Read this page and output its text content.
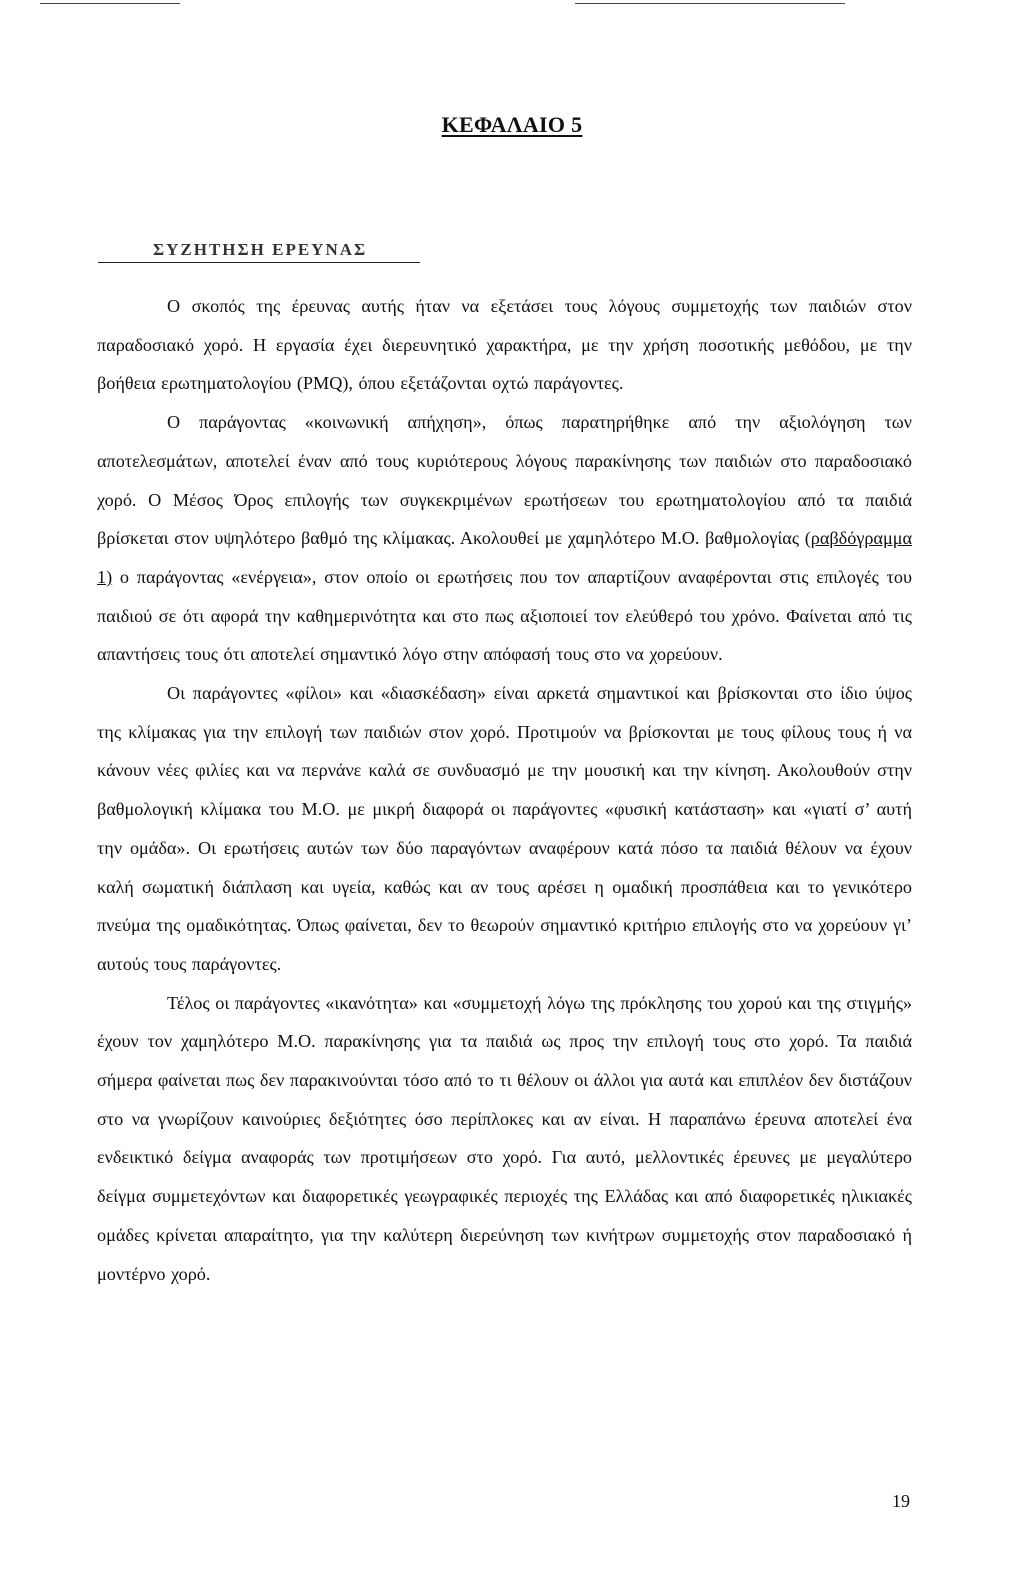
ΚΕΦΑΛΑΙΟ 5
ΣΥΖΗΤΗΣΗ ΕΡΕΥΝΑΣ

Ο σκοπός της έρευνας αυτής ήταν να εξετάσει τους λόγους συμμετοχής των παιδιών στον παραδοσιακό χορό. Η εργασία έχει διερευνητικό χαρακτήρα, με την χρήση ποσοτικής μεθόδου, με την βοήθεια ερωτηματολογίου (PMQ), όπου εξετάζονται οχτώ παράγοντες.

Ο παράγοντας «κοινωνική απήχηση», όπως παρατηρήθηκε από την αξιολόγηση των αποτελεσμάτων, αποτελεί έναν από τους κυριότερους λόγους παρακίνησης των παιδιών στο παραδοσιακό χορό. Ο Μέσος Όρος επιλογής των συγκεκριμένων ερωτήσεων του ερωτηματολογίου από τα παιδιά βρίσκεται στον υψηλότερο βαθμό της κλίμακας. Ακολουθεί με χαμηλότερο Μ.Ο. βαθμολογίας (ραβδόγραμμα 1) ο παράγοντας «ενέργεια», στον οποίο οι ερωτήσεις που τον απαρτίζουν αναφέρονται στις επιλογές του παιδιού σε ότι αφορά την καθημερινότητα και στο πως αξιοποιεί τον ελεύθερό του χρόνο. Φαίνεται από τις απαντήσεις τους ότι αποτελεί σημαντικό λόγο στην απόφασή τους στο να χορεύουν.

Οι παράγοντες «φίλοι» και «διασκέδαση» είναι αρκετά σημαντικοί και βρίσκονται στο ίδιο ύψος της κλίμακας για την επιλογή των παιδιών στον χορό. Προτιμούν να βρίσκονται με τους φίλους τους ή να κάνουν νέες φιλίες και να περνάνε καλά σε συνδυασμό με την μουσική και την κίνηση. Ακολουθούν στην βαθμολογική κλίμακα του Μ.Ο. με μικρή διαφορά οι παράγοντες «φυσική κατάσταση» και «γιατί σ’ αυτή την ομάδα». Οι ερωτήσεις αυτών των δύο παραγόντων αναφέρουν κατά πόσο τα παιδιά θέλουν να έχουν καλή σωματική διάπλαση και υγεία, καθώς και αν τους αρέσει η ομαδική προσπάθεια και το γενικότερο πνεύμα της ομαδικότητας. Όπως φαίνεται, δεν το θεωρούν σημαντικό κριτήριο επιλογής στο να χορεύουν γι’ αυτούς τους παράγοντες.

Τέλος οι παράγοντες «ικανότητα» και «συμμετοχή λόγω της πρόκλησης του χορού και της στιγμής» έχουν τον χαμηλότερο Μ.Ο. παρακίνησης για τα παιδιά ως προς την επιλογή τους στο χορό. Τα παιδιά σήμερα φαίνεται πως δεν παρακινούνται τόσο από το τι θέλουν οι άλλοι για αυτά και επιπλέον δεν διστάζουν στο να γνωρίζουν καινούριες δεξιότητες όσο περίπλοκες και αν είναι. Η παραπάνω έρευνα αποτελεί ένα ενδεικτικό δείγμα αναφοράς των προτιμήσεων στο χορό. Για αυτό, μελλοντικές έρευνες με μεγαλύτερο δείγμα συμμετεχόντων και διαφορετικές γεωγραφικές περιοχές της Ελλάδας και από διαφορετικές ηλικιακές ομάδες κρίνεται απαραίτητο, για την καλύτερη διερεύνηση των κινήτρων συμμετοχής στον παραδοσιακό ή μοντέρνο χορό.

19
